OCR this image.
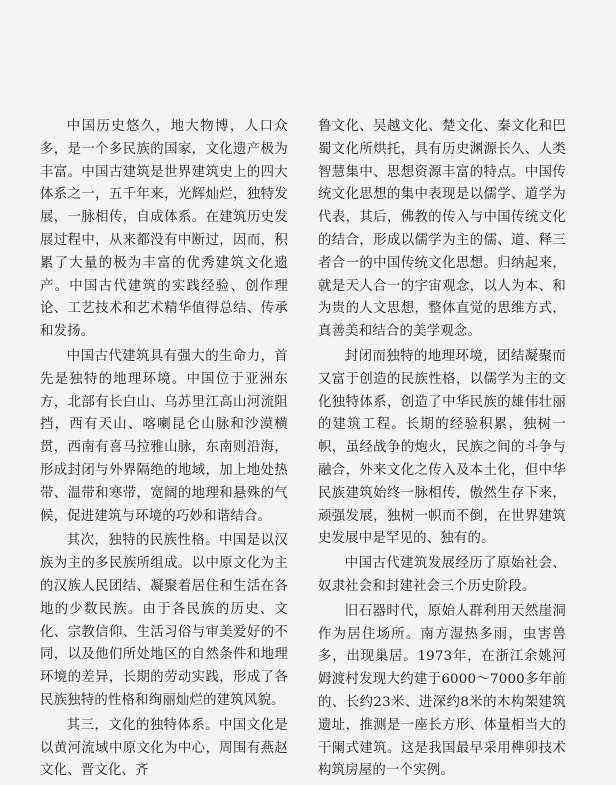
中国历史悠久，地大物博，人口众多，是一个多民族的国家，文化遗产极为丰富。中国古建筑是世界建筑史上的四大体系之一，五千年来，光辉灿烂，独特发展，一脉相传，自成体系。在建筑历史发展过程中，从来都没有中断过，因而，积累了大量的极为丰富的优秀建筑文化遗产。中国古代建筑的实践经验、创作理论、工艺技术和艺术精华值得总结、传承和发扬。

中国古代建筑具有强大的生命力，首先是独特的地理环境。中国位于亚洲东方，北部有长白山、乌苏里江高山河流阻挡，西有天山、喀喇昆仑山脉和沙漠横贯，西南有喜马拉雅山脉，东南则沿海，形成封闭与外界隔绝的地域，加上地处热带、温带和寒带，宽阔的地理和悬殊的气候，促进建筑与环境的巧妙和谐结合。

其次，独特的民族性格。中国是以汉族为主的多民族所组成。以中原文化为主的汉族人民团结、凝聚着居住和生活在各地的少数民族。由于各民族的历史、文化、宗教信仰、生活习俗与审美爱好的不同，以及他们所处地区的自然条件和地理环境的差异，长期的劳动实践，形成了各民族独特的性格和绚丽灿烂的建筑风貌。

其三，文化的独特体系。中国文化是以黄河流域中原文化为中心，周围有燕赵文化、晋文化、齐

鲁文化、吴越文化、楚文化、秦文化和巴蜀文化所烘托，具有历史渊源长久、人类智慧集中、思想资源丰富的特点。中国传统文化思想的集中表现是以儒学、道学为代表，其后，佛教的传入与中国传统文化的结合，形成以儒学为主的儒、道、释三者合一的中国传统文化思想。归纳起来，就是天人合一的宇宙观念，以人为本、和为贵的人文思想，整体直觉的思维方式，真善美和结合的美学观念。

封闭而独特的地理环境，团结凝聚而又富于创造的民族性格，以儒学为主的文化独特体系，创造了中华民族的雄伟壮丽的建筑工程。长期的经验积累，独树一帜，虽经战争的炮火，民族之间的斗争与融合，外来文化之传入及本土化，但中华民族建筑始终一脉相传，傲然生存下来，顽强发展，独树一帜而不倒，在世界建筑史发展中是罕见的、独有的。

中国古代建筑发展经历了原始社会、奴隶社会和封建社会三个历史阶段。

旧石器时代，原始人群利用天然崖洞作为居住场所。南方湿热多雨，虫害兽多，出现巢居。1973年，在浙江余姚河姆渡村发现大约建于6000～7000多年前的、长约23米、进深约8米的木构架建筑遗址，推测是一座长方形、体量相当大的干阑式建筑。这是我国最早采用榫卯技术构筑房屋的一个实例。
